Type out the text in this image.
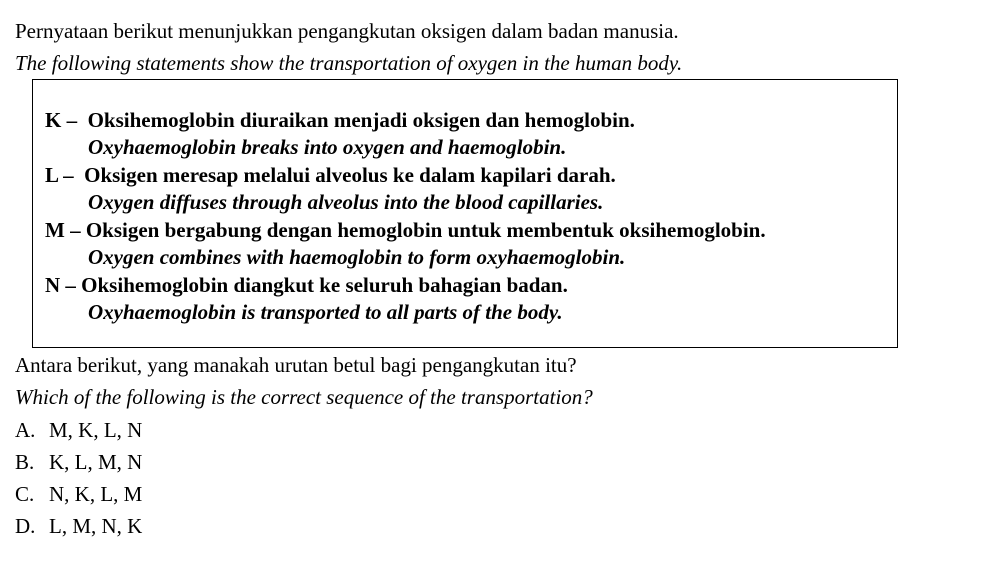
Pernyataan berikut menunjukkan pengangkutan oksigen dalam badan manusia.
The following statements show the transportation of oxygen in the human body.
K –  Oksihemoglobin diuraikan menjadi oksigen dan hemoglobin.
Oxyhaemoglobin breaks into oxygen and haemoglobin.
L –  Oksigen meresap melalui alveolus ke dalam kapilari darah.
Oxygen diffuses through alveolus into the blood capillaries.
M – Oksigen bergabung dengan hemoglobin untuk membentuk oksihemoglobin.
Oxygen combines with haemoglobin to form oxyhaemoglobin.
N – Oksihemoglobin diangkut ke seluruh bahagian badan.
Oxyhaemoglobin is transported to all parts of the body.
Antara berikut, yang manakah urutan betul bagi pengangkutan itu?
Which of the following is the correct sequence of the transportation?
A. M, K, L, N
B. K, L, M, N
C. N, K, L, M
D. L, M, N, K
